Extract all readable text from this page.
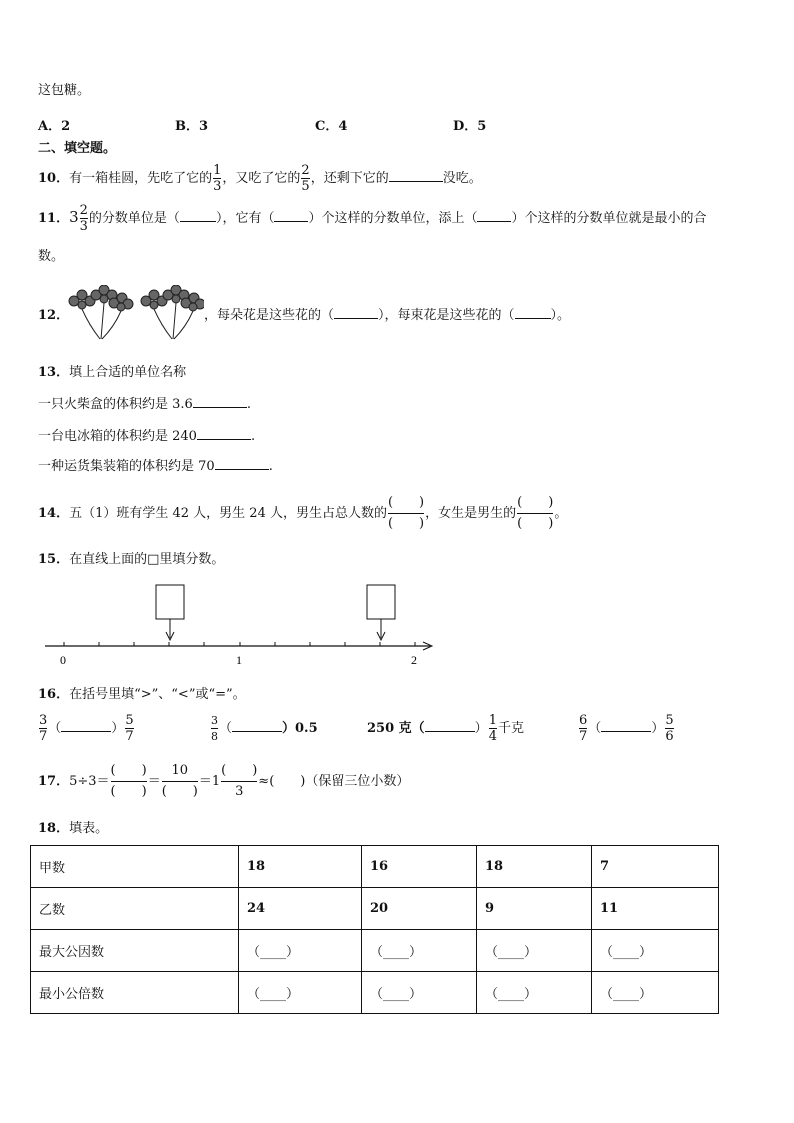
这包糖。
A．2	B．3	C．4	D．5
二、填空题。
10．有一箱桂圆，先吃了它的 $\frac{1}{3}$ ，又吃了它的 $\frac{2}{5}$ ，还剩下它的	没吃。
11．$3 \frac{2}{3}$ 的分数单位是（	），它有（	）个这样的分数单位，添上（	）个这样的分数单位就是最小的合
数。
12．	，每朵花是这些花的（	），每束花是这些花的（	）。
13．填上合适的单位名称
一只火柴盒的体积约是 3.6	.
一台电冰箱的体积约是 240	.
一种运货集装箱的体积约是 70	.
14．五（1）班有学生 42 人，男生 24 人，男生占总人数的 $\frac{( )}{( )}$ ，女生是男生的 $\frac{( )}{( )}$ 。
15．在直线上面的□里填分数。
0	1	2
16．在括号里填“>”、“<”或“=”。
$\frac{3}{7}$ （	） $\frac{5}{7}$	$\frac{3}{8}$ （	）0.5	250 克（	） $\frac{1}{4}$ 千克	$\frac{6}{7}$ （	） $\frac{5}{6}$
17．$5\div 3= \frac{( )}{( )} = \frac{10}{( )} =1 \frac{( )}{3}$ ≈(　　)（保留三位小数）
18．填表。
甲数	18	16	18	7
乙数	24	20	9	11
最大公因数	（____）	（____）	（____）	（____）
最小公倍数	（____）	（____）	（____）	（____）
